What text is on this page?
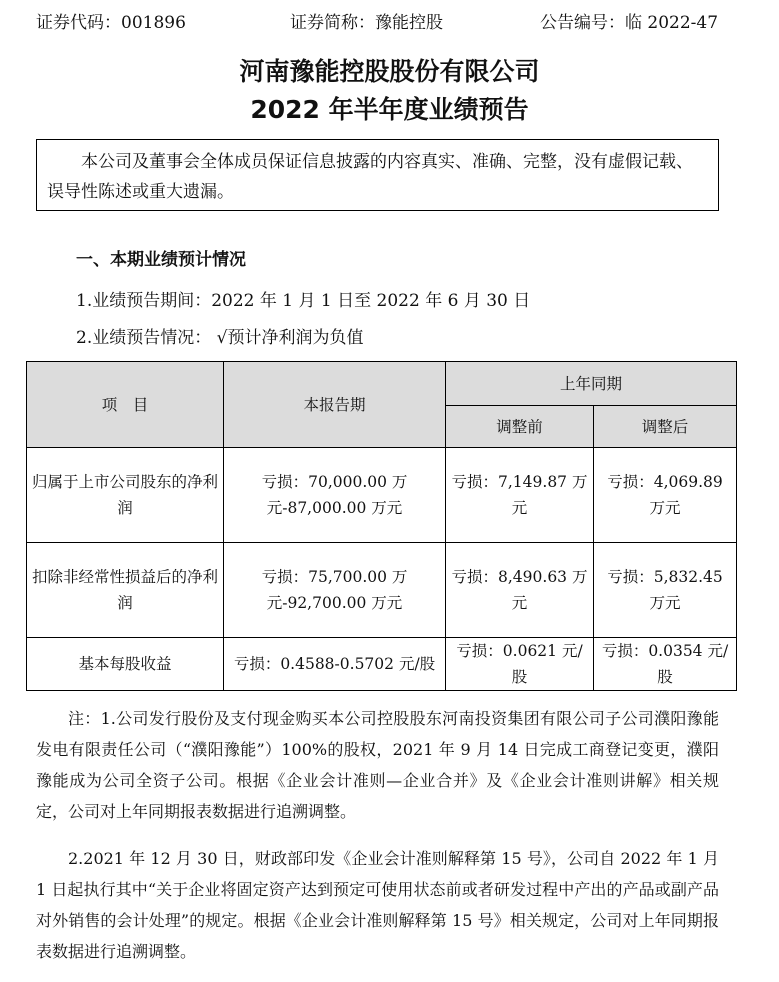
证券代码：001896	证券简称：豫能控股	公告编号：临 2022-47
河南豫能控股股份有限公司
2022 年半年度业绩预告

本公司及董事会全体成员保证信息披露的内容真实、准确、完整，没有虚假记载、误导性陈述或重大遗漏。

一、本期业绩预计情况
1.业绩预告期间：2022 年 1 月 1 日至 2022 年 6 月 30 日
2.业绩预告情况： √预计净利润为负值
项　目	本报告期	上年同期	
		调整前	调整后
归属于上市公司股东的净利润	亏损：70,000.00 万元-87,000.00 万元	亏损：7,149.87 万元	亏损：4,069.89 万元
扣除非经常性损益后的净利润	亏损：75,700.00 万元-92,700.00 万元	亏损：8,490.63 万元	亏损：5,832.45 万元
基本每股收益	亏损：0.4588-0.5702 元/股	亏损：0.0621 元/股	亏损：0.0354 元/股

注：1.公司发行股份及支付现金购买本公司控股股东河南投资集团有限公司子公司濮阳豫能发电有限责任公司（“濮阳豫能”）100%的股权，2021 年 9 月 14 日完成工商登记变更，濮阳豫能成为公司全资子公司。根据《企业会计准则—企业合并》及《企业会计准则讲解》相关规定，公司对上年同期报表数据进行追溯调整。

2.2021 年 12 月 30 日，财政部印发《企业会计准则解释第 15 号》，公司自 2022 年 1 月 1 日起执行其中“关于企业将固定资产达到预定可使用状态前或者研发过程中产出的产品或副产品对外销售的会计处理”的规定。根据《企业会计准则解释第 15 号》相关规定，公司对上年同期报表数据进行追溯调整。
